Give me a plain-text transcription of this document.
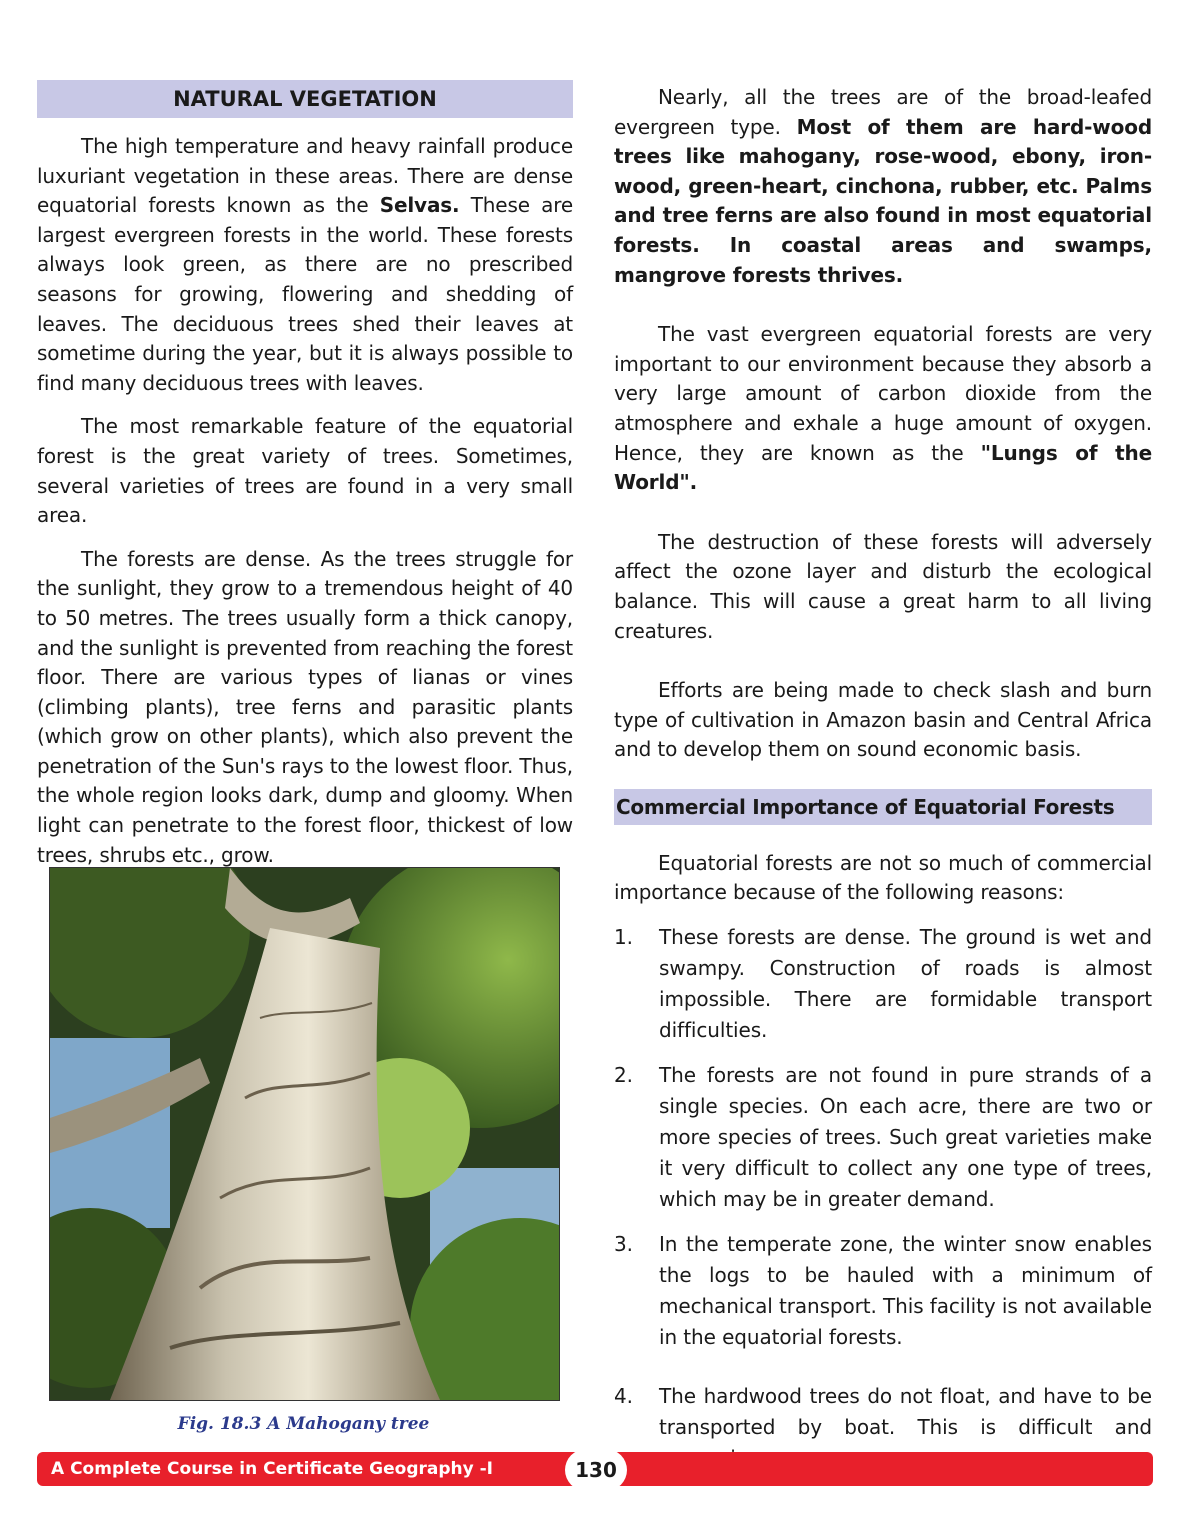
NATURAL VEGETATION

The high temperature and heavy rainfall produce luxuriant vegetation in these areas. There are dense equatorial forests known as the Selvas. These are largest evergreen forests in the world. These forests always look green, as there are no prescribed seasons for growing, flowering and shedding of leaves. The deciduous trees shed their leaves at sometime during the year, but it is always possible to find many deciduous trees with leaves.

The most remarkable feature of the equatorial forest is the great variety of trees. Sometimes, several varieties of trees are found in a very small area.

The forests are dense. As the trees struggle for the sunlight, they grow to a tremendous height of 40 to 50 metres. The trees usually form a thick canopy, and the sunlight is prevented from reaching the forest floor. There are various types of lianas or vines (climbing plants), tree ferns and parasitic plants (which grow on other plants), which also prevent the penetration of the Sun's rays to the lowest floor. Thus, the whole region looks dark, dump and gloomy. When light can penetrate to the forest floor, thickest of low trees, shrubs etc., grow.

Fig. 18.3 A Mahogany tree

Nearly, all the trees are of the broad-leafed evergreen type. Most of them are hard-wood trees like mahogany, rose-wood, ebony, iron-wood, green-heart, cinchona, rubber, etc. Palms and tree ferns are also found in most equatorial forests. In coastal areas and swamps, mangrove forests thrives.

The vast evergreen equatorial forests are very important to our environment because they absorb a very large amount of carbon dioxide from the atmosphere and exhale a huge amount of oxygen. Hence, they are known as the "Lungs of the World".

The destruction of these forests will adversely affect the ozone layer and disturb the ecological balance. This will cause a great harm to all living creatures.

Efforts are being made to check slash and burn type of cultivation in Amazon basin and Central Africa and to develop them on sound economic basis.

Commercial Importance of Equatorial Forests

Equatorial forests are not so much of commercial importance because of the following reasons:

1. These forests are dense. The ground is wet and swampy. Construction of roads is almost impossible. There are formidable transport difficulties.
2. The forests are not found in pure strands of a single species. On each acre, there are two or more species of trees. Such great varieties make it very difficult to collect any one type of trees, which may be in greater demand.
3. In the temperate zone, the winter snow enables the logs to be hauled with a minimum of mechanical transport. This facility is not available in the equatorial forests.
4. The hardwood trees do not float, and have to be transported by boat. This is difficult and
A Complete Course in Certificate Geography -I	130
